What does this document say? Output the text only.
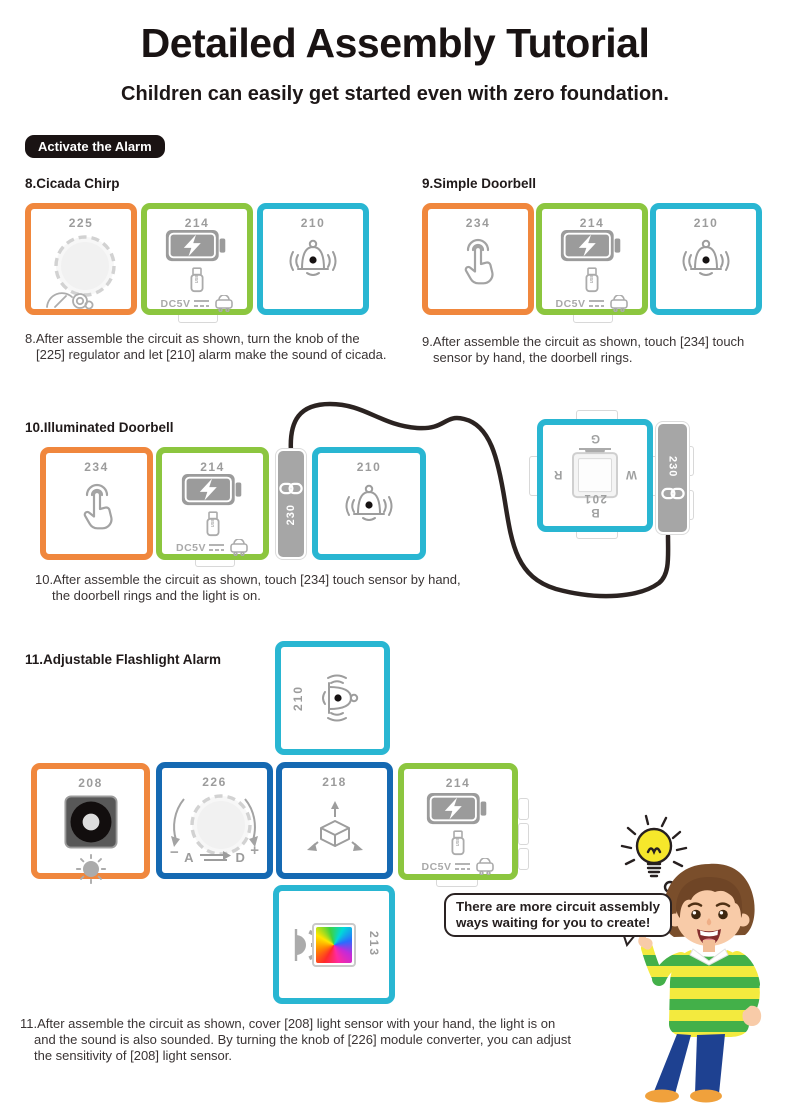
Detailed Assembly Tutorial
Children can easily get started even with zero foundation.
Activate the Alarm
8.Cicada Chirp	9.Simple Doorbell
225	214
USB
DC5V
210	234	214
USB
DC5V
210
8.After assemble the circuit as shown, turn the knob of the
[225] regulator and let [210] alarm make the sound of cicada.
9.After assemble the circuit as shown, touch [234] touch
sensor by hand, the doorbell rings.
10.Illuminated Doorbell
234	214
USB
DC5V
230
210
G
R	W
201
B
230
10.After assemble the circuit as shown, touch [234] touch sensor by hand,
the doorbell rings and the light is on.
11.Adjustable Flashlight Alarm
210
208	226
−	+
A	D
218	214
USB
DC5V
213
There are more circuit assembly
ways waiting for you to create!
11.After assemble the circuit as shown, cover [208] light sensor with your hand, the light is on
and the sound is also sounded. By turning the knob of [226] module converter, you can adjust
the sensitivity of [208] light sensor.
